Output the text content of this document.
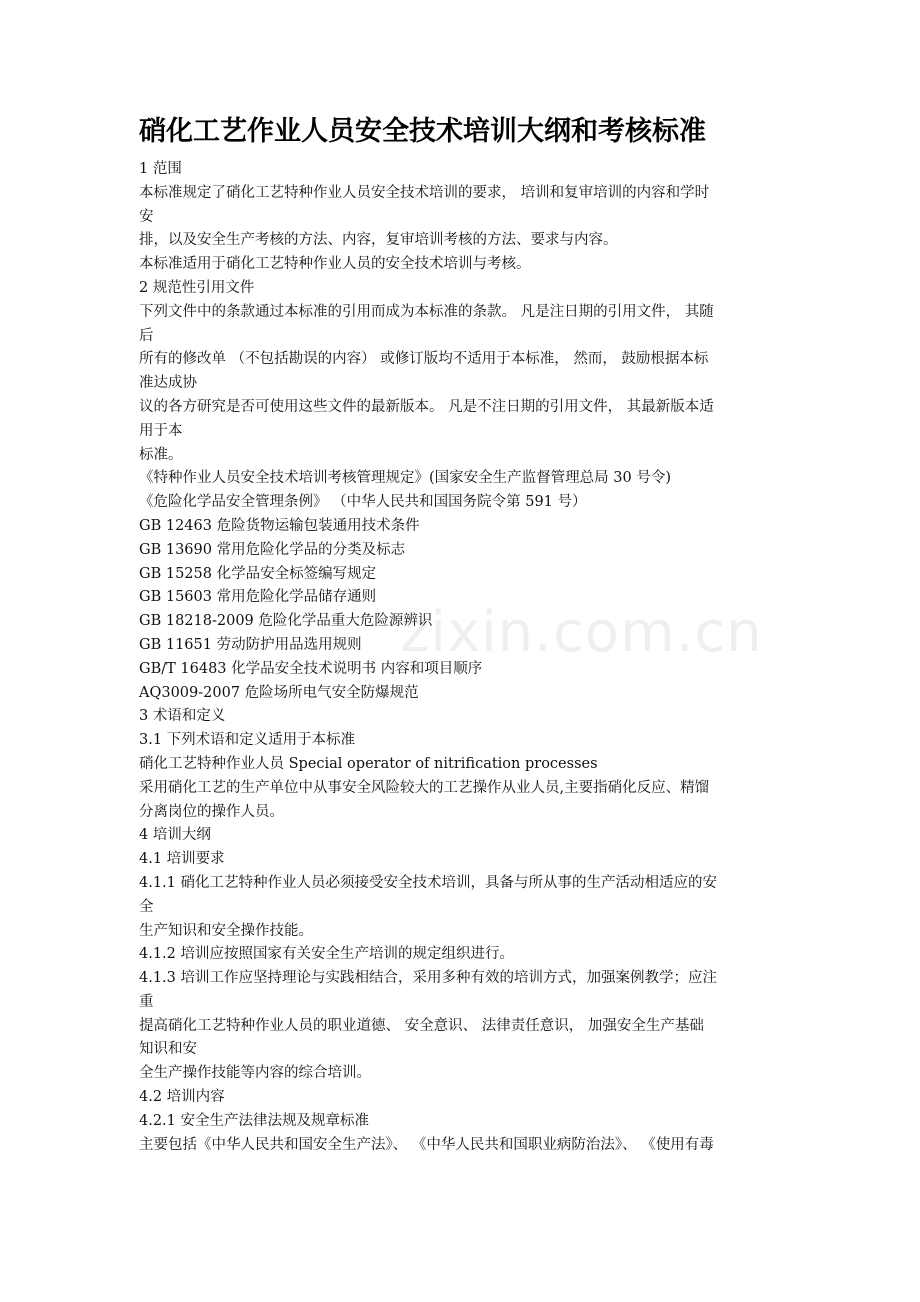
硝化工艺作业人员安全技术培训大纲和考核标准
1 范围
本标准规定了硝化工艺特种作业人员安全技术培训的要求， 培训和复审培训的内容和学时
安
排，以及安全生产考核的方法、内容，复审培训考核的方法、要求与内容。
本标准适用于硝化工艺特种作业人员的安全技术培训与考核。
2 规范性引用文件
下列文件中的条款通过本标准的引用而成为本标准的条款。 凡是注日期的引用文件， 其随
后
所有的修改单 （不包括勘误的内容） 或修订版均不适用于本标准， 然而， 鼓励根据本标
准达成协
议的各方研究是否可使用这些文件的最新版本。 凡是不注日期的引用文件， 其最新版本适
用于本
标准。
《特种作业人员安全技术培训考核管理规定》(国家安全生产监督管理总局 30 号令)
《危险化学品安全管理条例》 （中华人民共和国国务院令第 591 号）
GB 12463 危险货物运输包装通用技术条件
GB 13690 常用危险化学品的分类及标志
GB 15258 化学品安全标签编写规定
GB 15603 常用危险化学品储存通则
GB 18218-2009 危险化学品重大危险源辨识
GB 11651 劳动防护用品选用规则
GB/T 16483 化学品安全技术说明书 内容和项目顺序
AQ3009-2007 危险场所电气安全防爆规范
3 术语和定义
3.1 下列术语和定义适用于本标准
硝化工艺特种作业人员 Special operator of nitrification processes
采用硝化工艺的生产单位中从事安全风险较大的工艺操作从业人员,主要指硝化反应、精馏
分离岗位的操作人员。
4 培训大纲
4.1 培训要求
4.1.1 硝化工艺特种作业人员必须接受安全技术培训，具备与所从事的生产活动相适应的安
全
生产知识和安全操作技能。
4.1.2 培训应按照国家有关安全生产培训的规定组织进行。
4.1.3 培训工作应坚持理论与实践相结合，采用多种有效的培训方式，加强案例教学；应注
重
提高硝化工艺特种作业人员的职业道德、 安全意识、 法律责任意识， 加强安全生产基础
知识和安
全生产操作技能等内容的综合培训。
4.2 培训内容
4.2.1 安全生产法律法规及规章标准
主要包括《中华人民共和国安全生产法》、 《中华人民共和国职业病防治法》、 《使用有毒
zixin.com.cn
